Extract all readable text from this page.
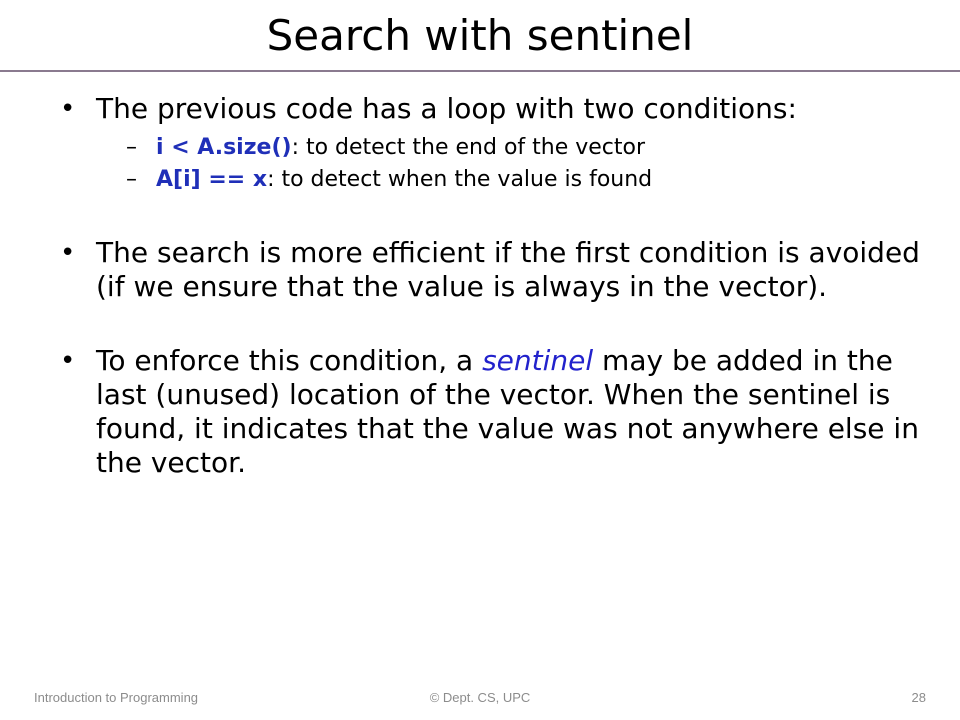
Search with sentinel
• The previous code has a loop with two conditions:
– i < A.size(): to detect the end of the vector
– A[i] == x: to detect when the value is found
• The search is more efficient if the first condition is avoided (if we ensure that the value is always in the vector).
• To enforce this condition, a sentinel may be added in the last (unused) location of the vector. When the sentinel is found, it indicates that the value was not anywhere else in the vector.
Introduction to Programming	© Dept. CS, UPC	28
